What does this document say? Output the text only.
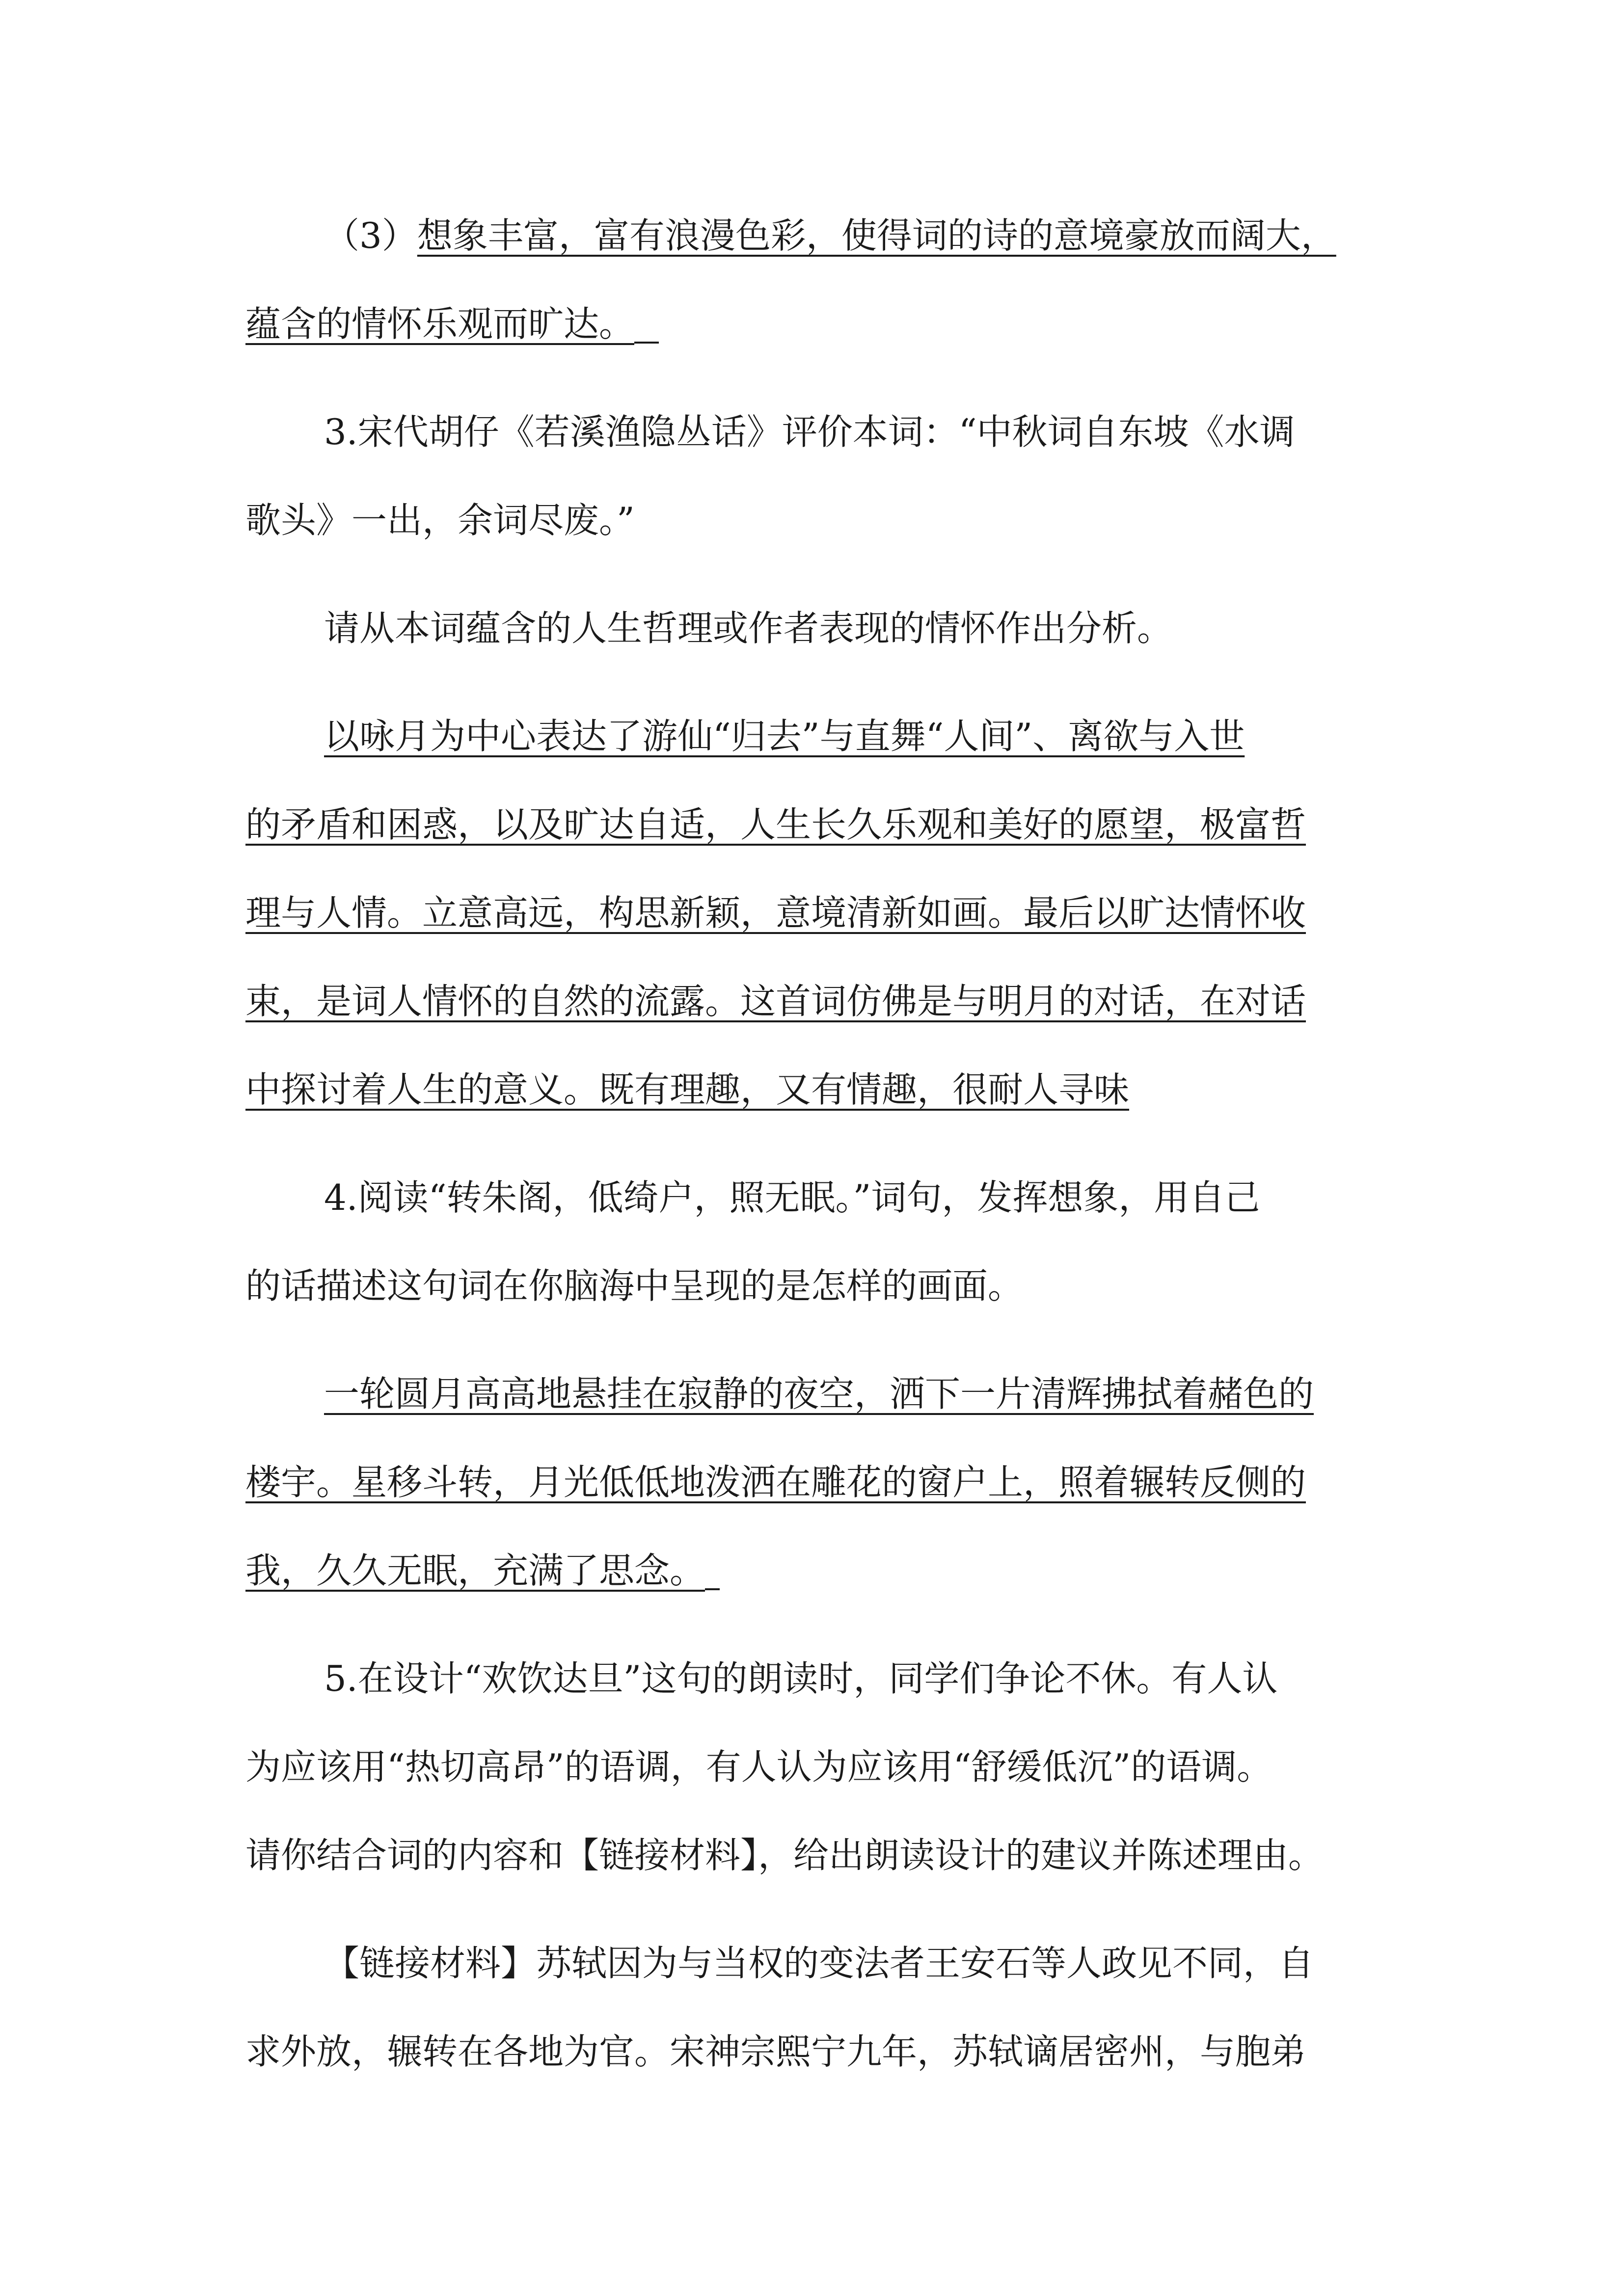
（3）想象丰富，富有浪漫色彩，使得词的诗的意境豪放而阔大，
蕴含的情怀乐观而旷达。
3.宋代胡仔《若溪渔隐丛话》评价本词：“中秋词自东坡《水调
歌头》一出，余词尽废。”
请从本词蕴含的人生哲理或作者表现的情怀作出分析。
以咏月为中心表达了游仙“归去”与直舞“人间”、离欲与入世
的矛盾和困惑，以及旷达自适，人生长久乐观和美好的愿望，极富哲
理与人情。立意高远，构思新颖，意境清新如画。最后以旷达情怀收
束，是词人情怀的自然的流露。这首词仿佛是与明月的对话，在对话
中探讨着人生的意义。既有理趣，又有情趣，很耐人寻味
4.阅读“转朱阁，低绮户，照无眠。”词句，发挥想象，用自己
的话描述这句词在你脑海中呈现的是怎样的画面。
一轮圆月高高地悬挂在寂静的夜空，洒下一片清辉拂拭着赭色的
楼宇。星移斗转，月光低低地泼洒在雕花的窗户上，照着辗转反侧的
我，久久无眠，充满了思念。
5.在设计“欢饮达旦”这句的朗读时，同学们争论不休。有人认
为应该用“热切高昂”的语调，有人认为应该用“舒缓低沉”的语调。
请你结合词的内容和【链接材料】，给出朗读设计的建议并陈述理由。
【链接材料】苏轼因为与当权的变法者王安石等人政见不同，自
求外放，辗转在各地为官。宋神宗熙宁九年，苏轼谪居密州，与胞弟
